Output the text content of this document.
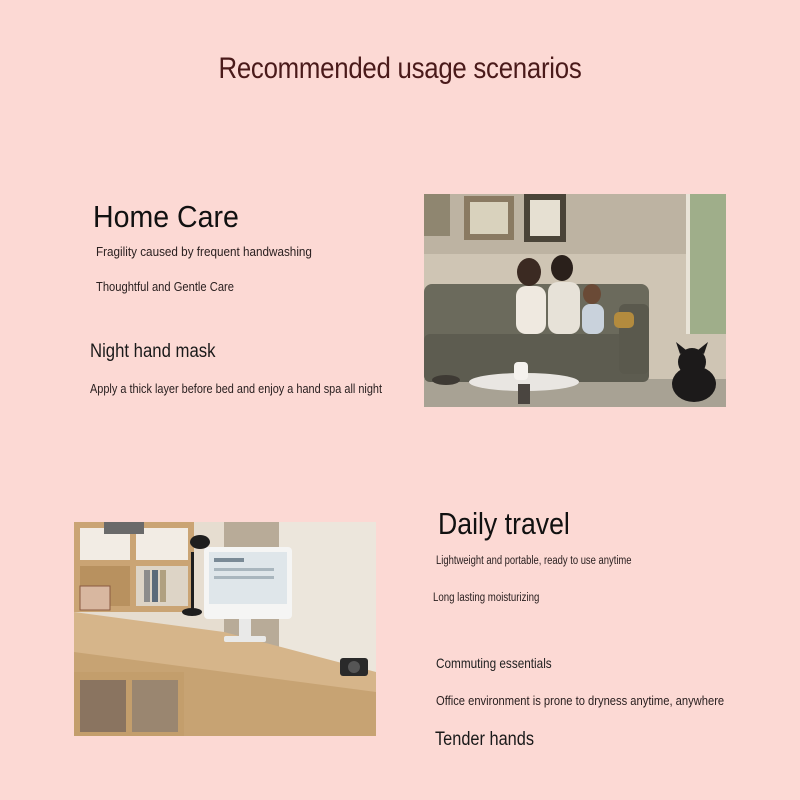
Recommended usage scenarios
Home Care
Fragility caused by frequent handwashing
Thoughtful and Gentle Care
Night hand mask
Apply a thick layer before bed and enjoy a hand spa all night
Daily travel
Lightweight and portable, ready to use anytime
Long lasting moisturizing
Commuting essentials
Office environment is prone to dryness anytime, anywhere
Tender hands
